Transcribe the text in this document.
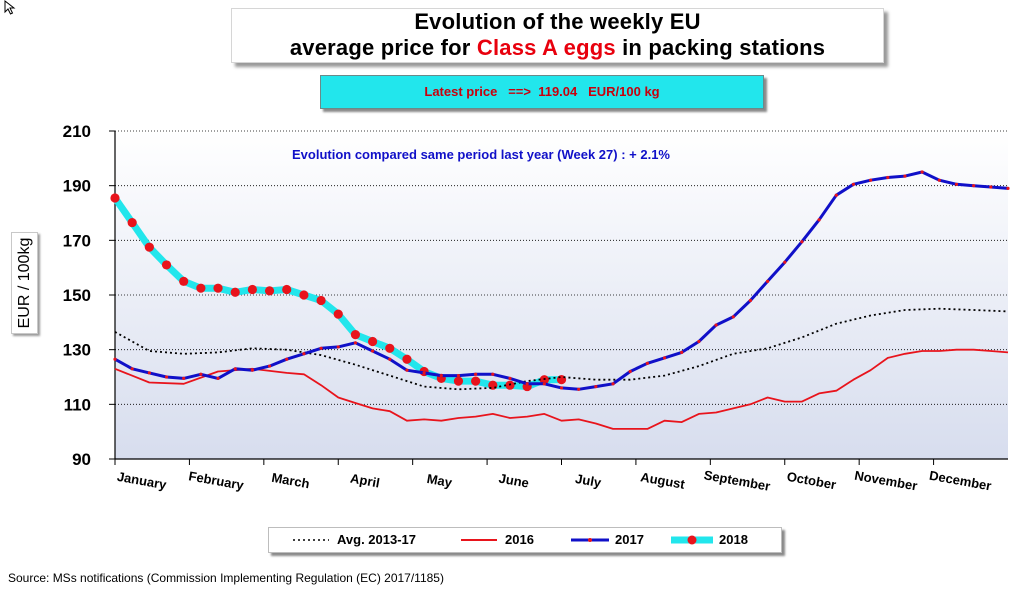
Evolution of the weekly EU
average price for Class A eggs in packing stations
Latest price   ==>  119.04   EUR/100 kg
EUR / 100kg
90
110
130
150
170
190
210
January February March	April	May	June	July	August September October November December
Evolution compared same period last year (Week 27) : + 2.1%
Avg. 2013-17	2016	2017	2018
Source: MSs notifications (Commission Implementing Regulation (EC) 2017/1185)
